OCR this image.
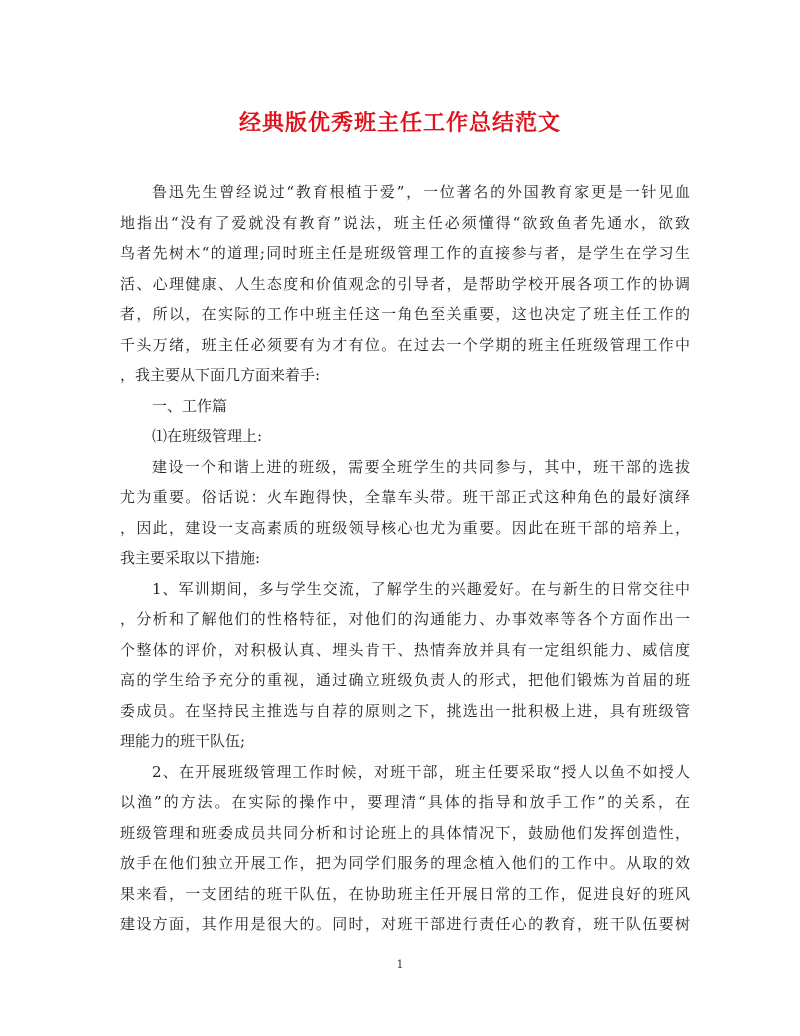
经典版优秀班主任工作总结范文
鲁迅先生曾经说过“教育根植于爱”，一位著名的外国教育家更是一针见血
地指出“没有了爱就没有教育”说法，班主任必须懂得“欲致鱼者先通水，欲致
鸟者先树木“的道理;同时班主任是班级管理工作的直接参与者，是学生在学习生
活、心理健康、人生态度和价值观念的引导者，是帮助学校开展各项工作的协调
者，所以，在实际的工作中班主任这一角色至关重要，这也决定了班主任工作的
千头万绪，班主任必须要有为才有位。在过去一个学期的班主任班级管理工作中
，我主要从下面几方面来着手:
一、工作篇
⑴在班级管理上:
建设一个和谐上进的班级，需要全班学生的共同参与，其中，班干部的选拔
尤为重要。俗话说：火车跑得快，全靠车头带。班干部正式这种角色的最好演绎
，因此，建设一支高素质的班级领导核心也尤为重要。因此在班干部的培养上，
我主要采取以下措施:
1、军训期间，多与学生交流，了解学生的兴趣爱好。在与新生的日常交往中
，分析和了解他们的性格特征，对他们的沟通能力、办事效率等各个方面作出一
个整体的评价，对积极认真、埋头肯干、热情奔放并具有一定组织能力、威信度
高的学生给予充分的重视，通过确立班级负责人的形式，把他们锻炼为首届的班
委成员。在坚持民主推选与自荐的原则之下，挑选出一批积极上进，具有班级管
理能力的班干队伍;
2、在开展班级管理工作时候，对班干部，班主任要采取“授人以鱼不如授人
以渔”的方法。在实际的操作中，要理清“具体的指导和放手工作”的关系，在
班级管理和班委成员共同分析和讨论班上的具体情况下，鼓励他们发挥创造性，
放手在他们独立开展工作，把为同学们服务的理念植入他们的工作中。从取的效
果来看，一支团结的班干队伍，在协助班主任开展日常的工作，促进良好的班风
建设方面，其作用是很大的。同时，对班干部进行责任心的教育，班干队伍要树
1
